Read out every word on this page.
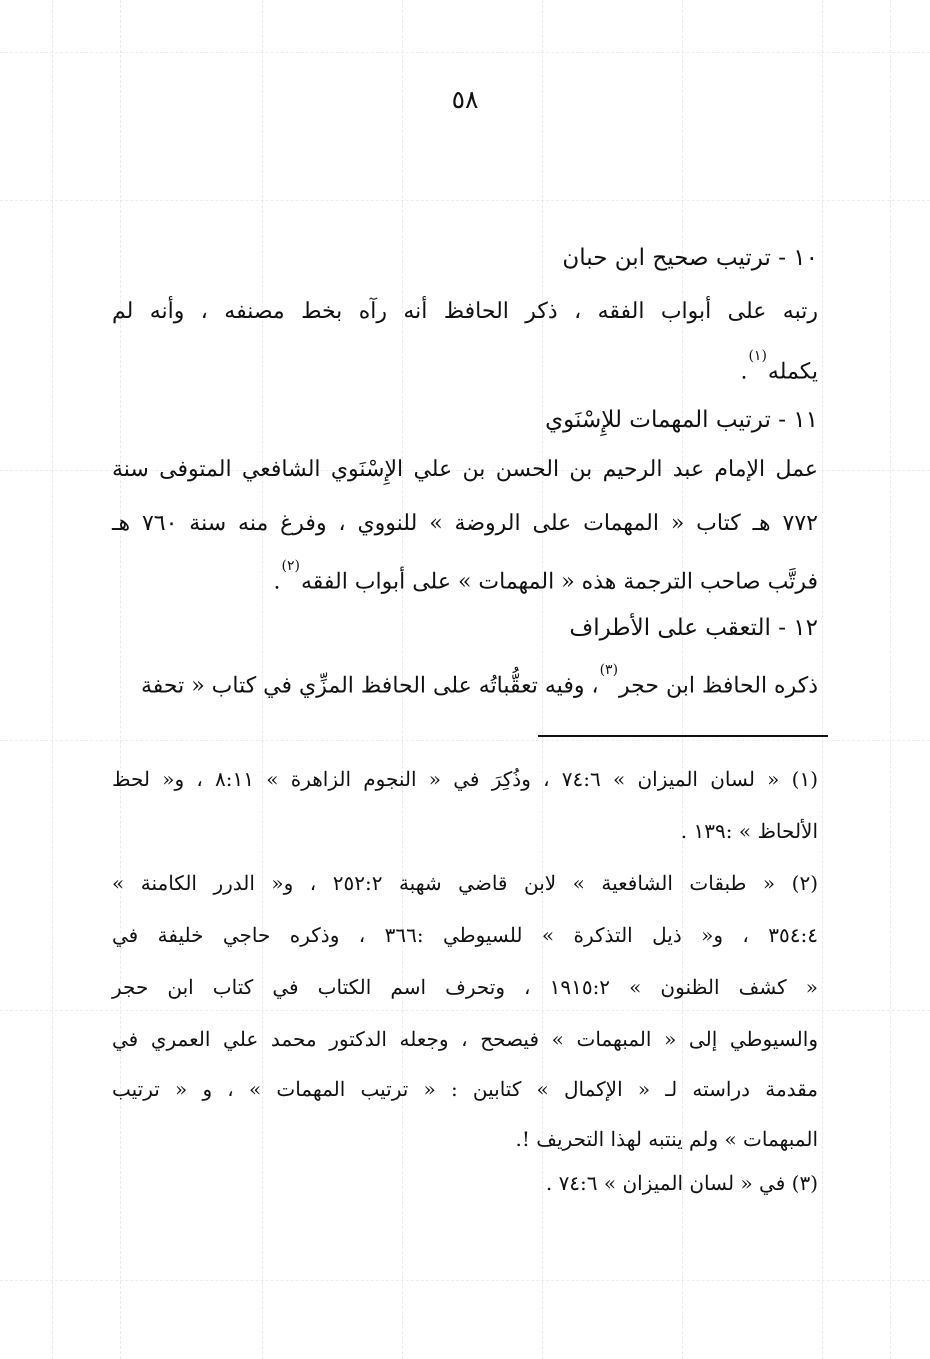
٥٨
١٠ - ترتيب صحيح ابن حبان
رتبه على أبواب الفقه ، ذكر الحافظ أنه رآه بخط مصنفه ، وأنه لم
يكمله$^{(١)}$.
١١ - ترتيب المهمات للإِسْنَوي
عمل الإمام عبد الرحيم بن الحسن بن علي الإِسْنَوي الشافعي المتوفى سنة
٧٧٢ هـ كتاب « المهمات على الروضة » للنووي ، وفرغ منه سنة ٧٦٠ هـ
فرتَّب صاحب الترجمة هذه « المهمات » على أبواب الفقه$^{(٢)}$.
١٢ - التعقب على الأطراف
ذكره الحافظ ابن حجر$^{(٣)}$، وفيه تعقُّباتُه على الحافظ المزِّي في كتاب « تحفة
(١) « لسان الميزان » ٧٤:٦ ، وذُكِرَ في « النجوم الزاهرة » ٨:١١ ، و« لحظ
الألحاظ » :١٣٩ .
(٢) « طبقات الشافعية » لابن قاضي شهبة ٢٥٢:٢ ، و« الدرر الكامنة »
٣٥٤:٤ ، و« ذيل التذكرة » للسيوطي :٣٦٦ ، وذكره حاجي خليفة في
« كشف الظنون » ١٩١٥:٢ ، وتحرف اسم الكتاب في كتاب ابن حجر
والسيوطي إلى « المبهمات » فيصحح ، وجعله الدكتور محمد علي العمري في
مقدمة دراسته لـ « الإكمال » كتابين : « ترتيب المهمات » ، و « ترتيب
المبهمات » ولم ينتبه لهذا التحريف !.
(٣) في « لسان الميزان » ٧٤:٦ .
